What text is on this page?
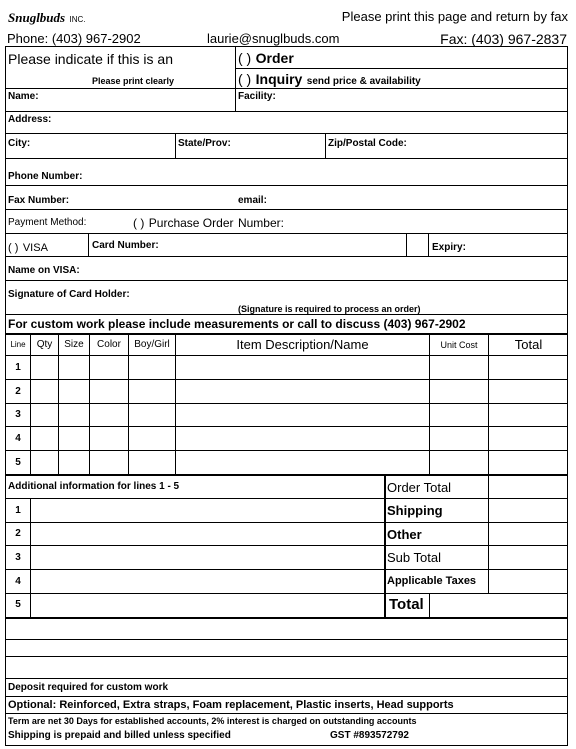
Snuglbuds INC.	Please print this page and return by fax
Phone: (403) 967-2902	laurie@snuglbuds.com	Fax: (403) 967-2837
Please indicate if this is an
Please print clearly
( ) Order
( ) Inquiry send price & availability
Name:	Facility:
Address:
City:	State/Prov:	Zip/Postal Code:
Phone Number:
Fax Number:	email:
Payment Method:	( ) Purchase Order Number:
( ) VISA	Card Number:	Expiry:
Name on VISA:
Signature of Card Holder:
(Signature is required to process an order)
For custom work please include measurements or call to discuss (403) 967-2902
Line	Qty	Size	Color	Boy/Girl	Item Description/Name	Unit Cost	Total
1
2
3
4
5
Additional information for lines 1 - 5	Order Total
1	Shipping
2	Other
3	Sub Total
4	Applicable Taxes
5	Total
Deposit required for custom work
Optional: Reinforced, Extra straps, Foam replacement, Plastic inserts, Head supports
Term are net 30 Days for established accounts, 2% interest is charged on outstanding accounts
Shipping is prepaid and billed unless specified	GST #893572792
